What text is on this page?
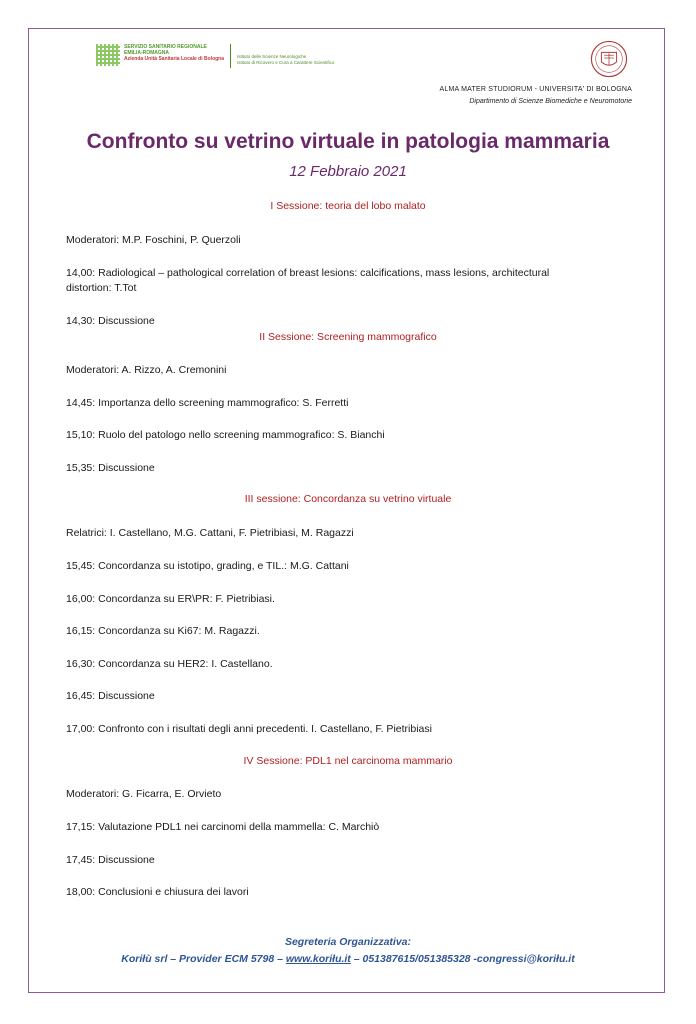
SERVIZIO SANITARIO REGIONALE
EMILIA-ROMAGNA
Azienda Unità Sanitaria Locale di Bologna	Istituto delle Scienze Neurologiche
Istituto di Ricovero e Cura a Carattere Scientifico
ALMA MATER STUDIORUM - UNIVERSITA' DI BOLOGNA
Dipartimento di Scienze Biomediche e Neuromotorie
Confronto su vetrino virtuale in patologia mammaria
12 Febbraio 2021
I Sessione: teoria del lobo malato
Moderatori: M.P. Foschini, P. Querzoli
14,00: Radiological – pathological correlation of breast lesions: calcifications, mass lesions, architectural distortion: T.Tot
14,30: Discussione
II Sessione: Screening mammografico
Moderatori: A. Rizzo, A. Cremonini
14,45: Importanza dello screening mammografico: S. Ferretti
15,10: Ruolo del patologo nello screening mammografico: S. Bianchi
15,35: Discussione
III sessione: Concordanza su vetrino virtuale
Relatrici: I. Castellano, M.G. Cattani, F. Pietribiasi, M. Ragazzi
15,45: Concordanza su istotipo, grading, e TIL.: M.G. Cattani
16,00: Concordanza su ER\PR: F. Pietribiasi.
16,15: Concordanza su Ki67: M. Ragazzi.
16,30: Concordanza su HER2: I. Castellano.
16,45: Discussione
17,00: Confronto con i risultati degli anni precedenti. I. Castellano, F. Pietribiasi
IV Sessione: PDL1 nel carcinoma mammario
Moderatori: G. Ficarra, E. Orvieto
17,15: Valutazione PDL1 nei carcinomi della mammella: C. Marchiò
17,45: Discussione
18,00: Conclusioni e chiusura dei lavori
Segreteria Organizzativa:
Koriłù srl – Provider ECM 5798 – www.koriłu.it – 051387615/051385328 -congressi@koriłu.it
